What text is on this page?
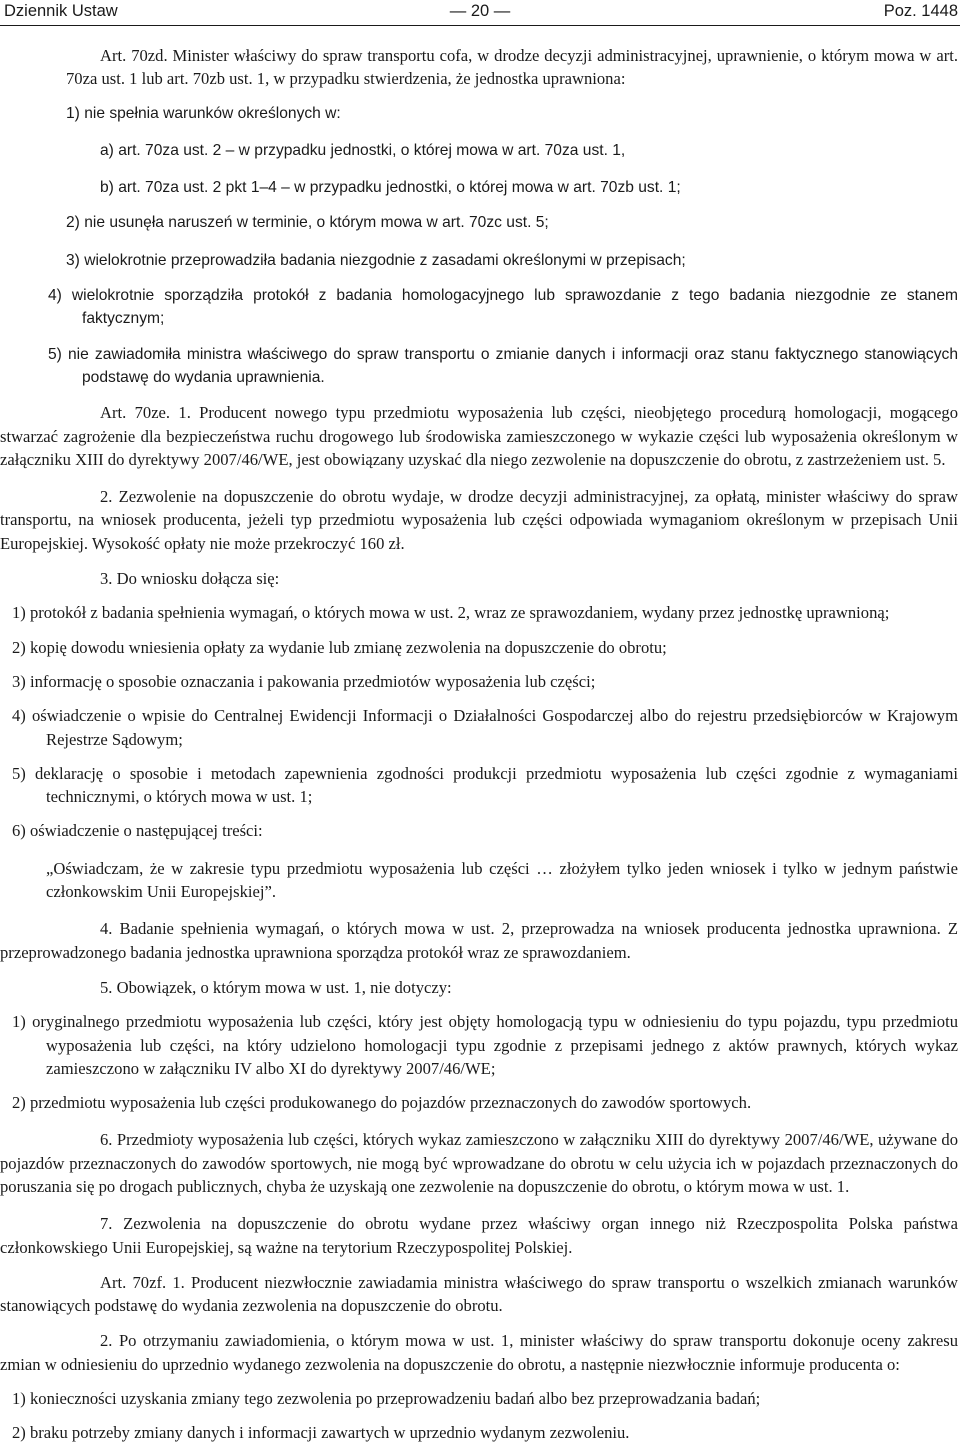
Dziennik Ustaw	— 20 —	Poz. 1448

Art. 70zd. Minister właściwy do spraw transportu cofa, w drodze decyzji administracyjnej, uprawnienie, o którym mowa w art. 70za ust. 1 lub art. 70zb ust. 1, w przypadku stwierdzenia, że jednostka uprawniona:

1) nie spełnia warunków określonych w:

a) art. 70za ust. 2 – w przypadku jednostki, o której mowa w art. 70za ust. 1,

b) art. 70za ust. 2 pkt 1–4 – w przypadku jednostki, o której mowa w art. 70zb ust. 1;

2) nie usunęła naruszeń w terminie, o którym mowa w art. 70zc ust. 5;

3) wielokrotnie przeprowadziła badania niezgodnie z zasadami określonymi w przepisach;

4) wielokrotnie sporządziła protokół z badania homologacyjnego lub sprawozdanie z tego badania niezgodnie ze stanem faktycznym;

5) nie zawiadomiła ministra właściwego do spraw transportu o zmianie danych i informacji oraz stanu faktycznego stanowiących podstawę do wydania uprawnienia.

Art. 70ze. 1. Producent nowego typu przedmiotu wyposażenia lub części, nieobjętego procedurą homologacji, mogącego stwarzać zagrożenie dla bezpieczeństwa ruchu drogowego lub środowiska zamieszczonego w wykazie części lub wyposażenia określonym w załączniku XIII do dyrektywy 2007/46/WE, jest obowiązany uzyskać dla niego zezwolenie na dopuszczenie do obrotu, z zastrzeżeniem ust. 5.

2. Zezwolenie na dopuszczenie do obrotu wydaje, w drodze decyzji administracyjnej, za opłatą, minister właściwy do spraw transportu, na wniosek producenta, jeżeli typ przedmiotu wyposażenia lub części odpowiada wymaganiom określonym w przepisach Unii Europejskiej. Wysokość opłaty nie może przekroczyć 160 zł.

3. Do wniosku dołącza się:

1) protokół z badania spełnienia wymagań, o których mowa w ust. 2, wraz ze sprawozdaniem, wydany przez jednostkę uprawnioną;

2) kopię dowodu wniesienia opłaty za wydanie lub zmianę zezwolenia na dopuszczenie do obrotu;

3) informację o sposobie oznaczania i pakowania przedmiotów wyposażenia lub części;

4) oświadczenie o wpisie do Centralnej Ewidencji Informacji o Działalności Gospodarczej albo do rejestru przedsiębiorców w Krajowym Rejestrze Sądowym;

5) deklarację o sposobie i metodach zapewnienia zgodności produkcji przedmiotu wyposażenia lub części zgodnie z wymaganiami technicznymi, o których mowa w ust. 1;

6) oświadczenie o następującej treści:

„Oświadczam, że w zakresie typu przedmiotu wyposażenia lub części … złożyłem tylko jeden wniosek i tylko w jednym państwie członkowskim Unii Europejskiej”.

4. Badanie spełnienia wymagań, o których mowa w ust. 2, przeprowadza na wniosek producenta jednostka uprawniona. Z przeprowadzonego badania jednostka uprawniona sporządza protokół wraz ze sprawozdaniem.

5. Obowiązek, o którym mowa w ust. 1, nie dotyczy:

1) oryginalnego przedmiotu wyposażenia lub części, który jest objęty homologacją typu w odniesieniu do typu pojazdu, typu przedmiotu wyposażenia lub części, na który udzielono homologacji typu zgodnie z przepisami jednego z aktów prawnych, których wykaz zamieszczono w załączniku IV albo XI do dyrektywy 2007/46/WE;

2) przedmiotu wyposażenia lub części produkowanego do pojazdów przeznaczonych do zawodów sportowych.

6. Przedmioty wyposażenia lub części, których wykaz zamieszczono w załączniku XIII do dyrektywy 2007/46/WE, używane do pojazdów przeznaczonych do zawodów sportowych, nie mogą być wprowadzane do obrotu w celu użycia ich w pojazdach przeznaczonych do poruszania się po drogach publicznych, chyba że uzyskają one zezwolenie na dopuszczenie do obrotu, o którym mowa w ust. 1.

7. Zezwolenia na dopuszczenie do obrotu wydane przez właściwy organ innego niż Rzeczpospolita Polska państwa członkowskiego Unii Europejskiej, są ważne na terytorium Rzeczypospolitej Polskiej.

Art. 70zf. 1. Producent niezwłocznie zawiadamia ministra właściwego do spraw transportu o wszelkich zmianach warunków stanowiących podstawę do wydania zezwolenia na dopuszczenie do obrotu.

2. Po otrzymaniu zawiadomienia, o którym mowa w ust. 1, minister właściwy do spraw transportu dokonuje oceny zakresu zmian w odniesieniu do uprzednio wydanego zezwolenia na dopuszczenie do obrotu, a następnie niezwłocznie informuje producenta o:

1) konieczności uzyskania zmiany tego zezwolenia po przeprowadzeniu badań albo bez przeprowadzania badań;

2) braku potrzeby zmiany danych i informacji zawartych w uprzednio wydanym zezwoleniu.
